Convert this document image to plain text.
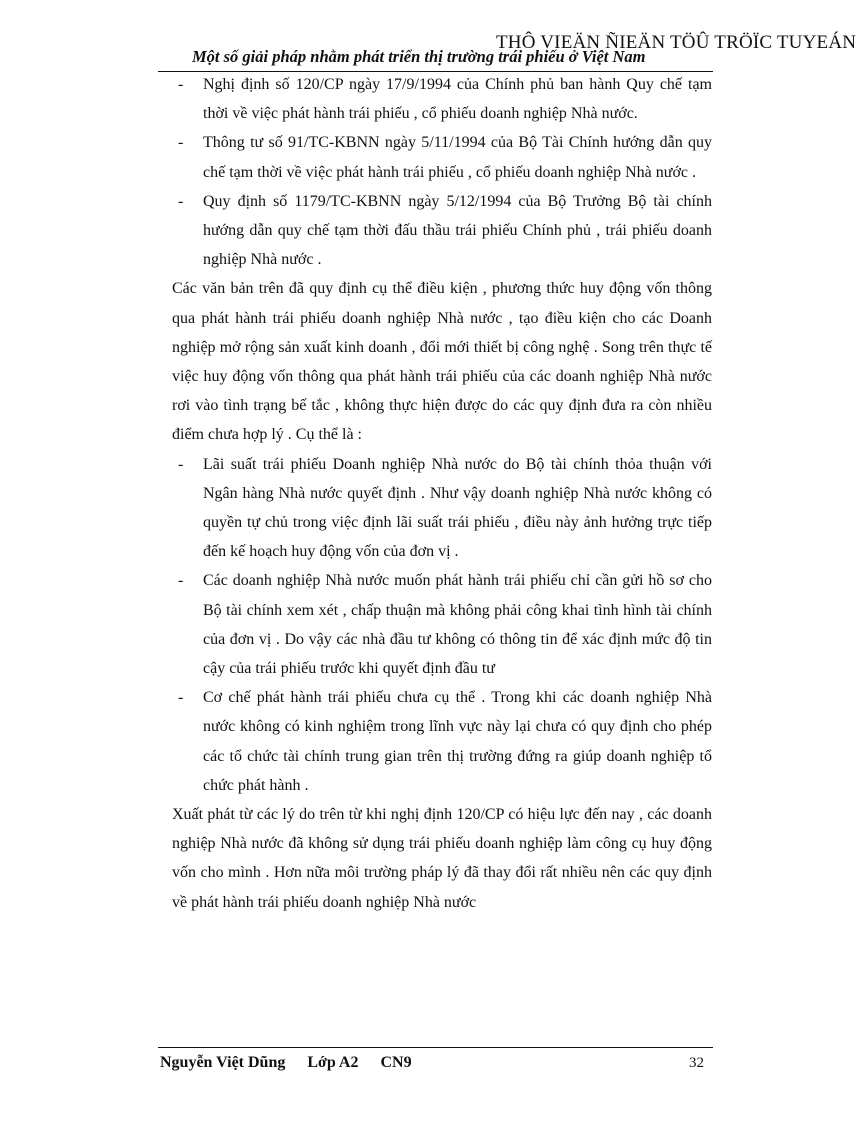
THÔ VIEÄN ÑIEÄN TÖÛ TRÖÏC TUYEÁN
Một số giải pháp nhằm phát triển thị trường trái phiếu ở Việt Nam

- Nghị định số 120/CP ngày 17/9/1994 của Chính phủ ban hành Quy chế tạm thời về việc phát hành trái phiếu , cổ phiếu doanh nghiệp Nhà nước.

- Thông tư số 91/TC-KBNN ngày 5/11/1994 của Bộ Tài Chính hướng dẫn quy chế tạm thời về việc phát hành trái phiếu , cổ phiếu doanh nghiệp Nhà nước .

- Quy định số 1179/TC-KBNN ngày 5/12/1994 của Bộ Trưởng Bộ tài chính hướng dẫn quy chế tạm thời đấu thầu trái phiếu Chính phủ , trái phiếu doanh nghiệp Nhà nước .

Các văn bản trên đã quy định cụ thể điều kiện , phương thức huy động vốn thông qua phát hành trái phiếu doanh nghiệp Nhà nước , tạo điều kiện cho các Doanh nghiệp mở rộng sản xuất kinh doanh , đổi mới thiết bị công nghệ . Song trên thực tế việc huy động vốn thông qua phát hành trái phiếu của các doanh nghiệp Nhà nước rơi vào tình trạng bế tắc , không thực hiện được do các quy định đưa ra còn nhiều điểm chưa hợp lý . Cụ thể là :

- Lãi suất trái phiếu Doanh nghiệp Nhà nước do Bộ tài chính thỏa thuận với Ngân hàng Nhà nước quyết định . Như vậy doanh nghiệp Nhà nước không có quyền tự chủ trong việc định lãi suất trái phiếu , điều này ảnh hưởng trực tiếp đến kế hoạch huy động vốn của đơn vị .

- Các doanh nghiệp Nhà nước muốn phát hành trái phiếu chỉ cần gửi hồ sơ cho Bộ tài chính xem xét , chấp thuận mà không phải công khai tình hình tài chính của đơn vị . Do vậy các nhà đầu tư không có thông tin để xác định mức độ tin cậy của trái phiếu trước khi quyết định đầu tư

- Cơ chế phát hành trái phiếu chưa cụ thể . Trong khi các doanh nghiệp Nhà nước không có kinh nghiệm trong lĩnh vực này lại chưa có quy định cho phép các tổ chức tài chính trung gian trên thị trường đứng ra giúp doanh nghiệp tổ chức phát hành .

Xuất phát từ các lý do trên từ khi nghị định 120/CP có hiệu lực đến nay , các doanh nghiệp Nhà nước đã không sử dụng trái phiếu doanh nghiệp làm công cụ huy động vốn cho mình . Hơn nữa môi trường pháp lý đã thay đổi rất nhiều nên các quy định về phát hành trái phiếu doanh nghiệp Nhà nước

Nguyễn Việt Dũng Lớp A2 CN9	32
